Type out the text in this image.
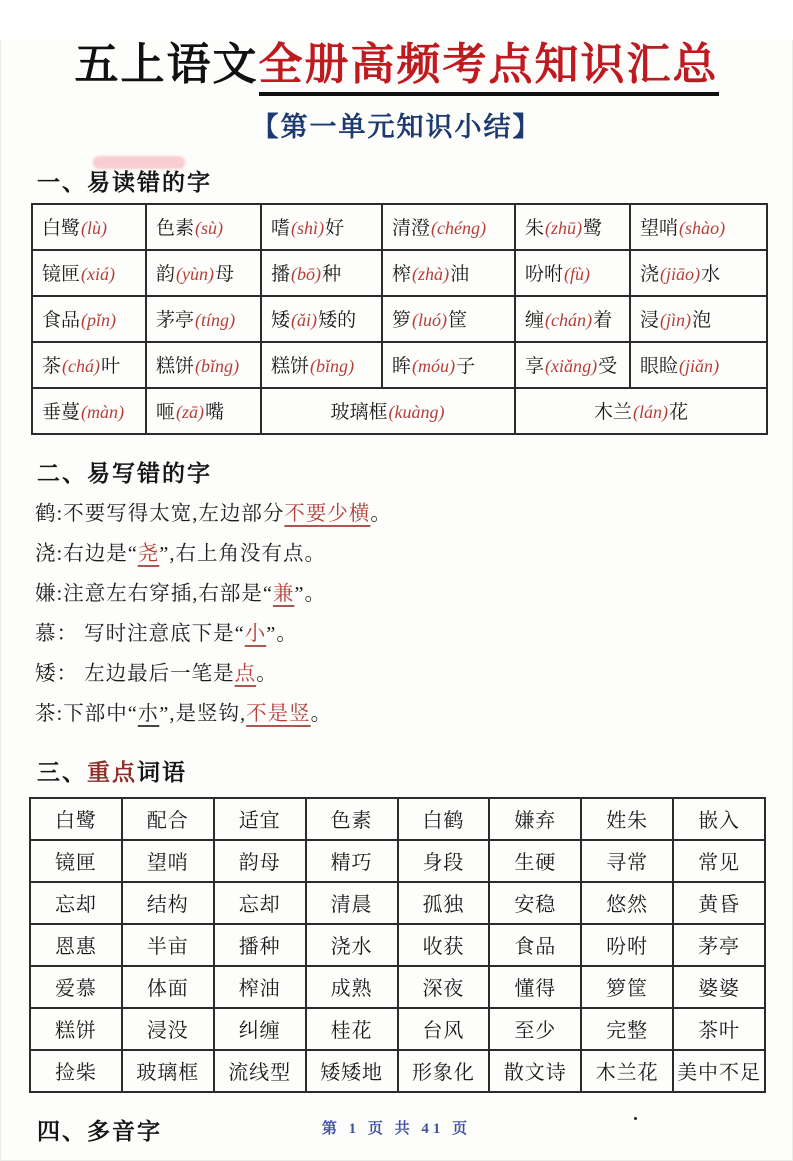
五上语文全册高频考点知识汇总
【第一单元知识小结】
一、易读错的字
白鹭(lù)	色素(sù)	嗜(shì)好	清澄(chéng)	朱(zhū)鹭	望哨(shào)
镜匣(xiá)	韵(yùn)母	播(bō)种	榨(zhà)油	吩咐(fù)	浇(jiāo)水
食品(pǐn)	茅亭(tíng)	矮(ǎi)矮的	箩(luó)筐	缠(chán)着	浸(jìn)泡
茶(chá)叶	糕饼(bǐng)	糕饼(bǐng)	眸(móu)子	享(xiǎng)受	眼睑(jiǎn)
垂蔓(màn)	咂(zā)嘴	玻璃框(kuàng)		木兰(lán)花	
二、易写错的字
鹤:不要写得太宽,左边部分不要少横。
浇:右边是“尧”,右上角没有点。
嫌:注意左右穿插,右部是“兼”。
慕： 写时注意底下是“小”。
矮： 左边最后一笔是点。
茶:下部中“朩”,是竖钩,不是竖。
三、重点词语
白鹭	配合	适宜	色素	白鹤	嫌弃	姓朱	嵌入
镜匣	望哨	韵母	精巧	身段	生硬	寻常	常见
忘却	结构	忘却	清晨	孤独	安稳	悠然	黄昏
恩惠	半亩	播种	浇水	收获	食品	吩咐	茅亭
爱慕	体面	榨油	成熟	深夜	懂得	箩筐	婆婆
糕饼	浸没	纠缠	桂花	台风	至少	完整	茶叶
捡柴	玻璃框	流线型	矮矮地	形象化	散文诗	木兰花	美中不足
四、多音字	第 1 页 共 41 页
